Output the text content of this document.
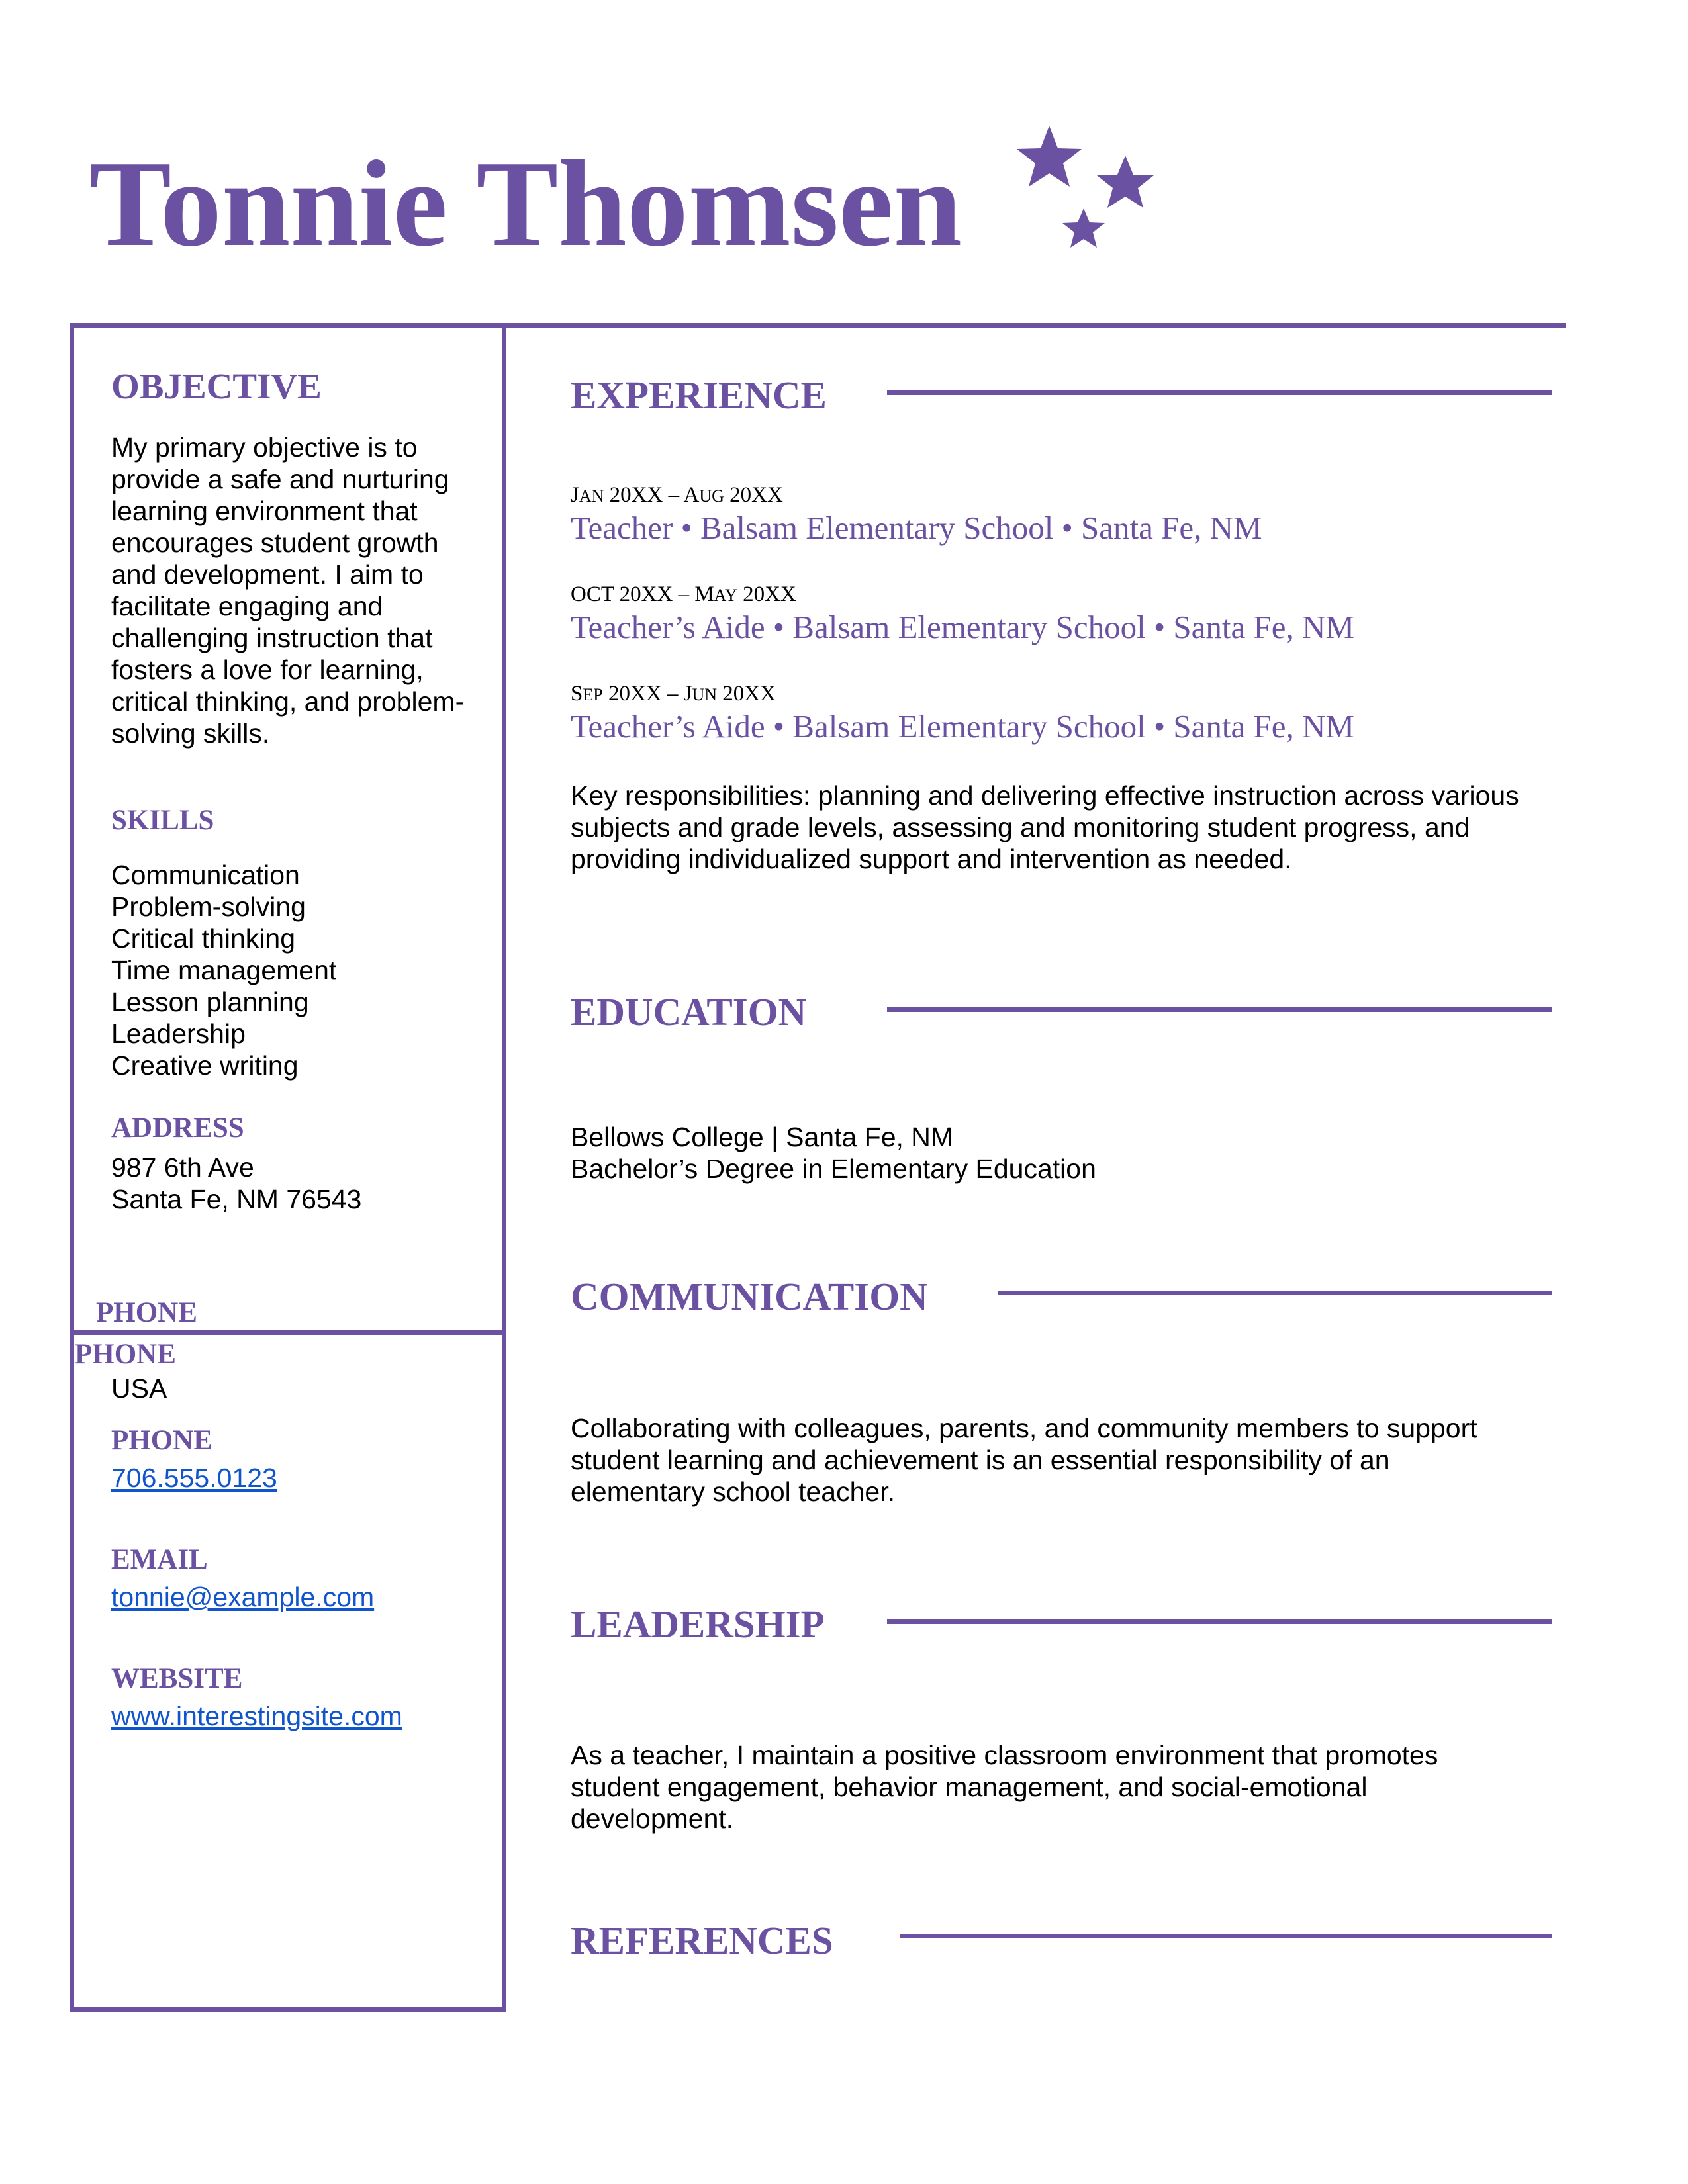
Tonnie Thomsen
OBJECTIVE
My primary objective is to
provide a safe and nurturing
learning environment that
encourages student growth
and development. I aim to
facilitate engaging and
challenging instruction that
fosters a love for learning,
critical thinking, and problem-
solving skills.
SKILLS
Communication
Problem-solving
Critical thinking
Time management
Lesson planning
Leadership
Creative writing
ADDRESS
987 6th Ave
Santa Fe, NM 76543
PHONE
PHONE
USA
PHONE
706.555.0123
EMAIL
tonnie@example.com
WEBSITE
www.interestingsite.com
EXPERIENCE
JAN 20XX – AUG 20XX
Teacher • Balsam Elementary School • Santa Fe, NM
OCT 20XX – MAY 20XX
Teacher’s Aide • Balsam Elementary School • Santa Fe, NM
SEP 20XX – JUN 20XX
Teacher’s Aide • Balsam Elementary School • Santa Fe, NM
Key responsibilities: planning and delivering effective instruction across various
subjects and grade levels, assessing and monitoring student progress, and
providing individualized support and intervention as needed.
EDUCATION
Bellows College | Santa Fe, NM
Bachelor’s Degree in Elementary Education
COMMUNICATION
Collaborating with colleagues, parents, and community members to support
student learning and achievement is an essential responsibility of an
elementary school teacher.
LEADERSHIP
As a teacher, I maintain a positive classroom environment that promotes
student engagement, behavior management, and social-emotional
development.
REFERENCES
